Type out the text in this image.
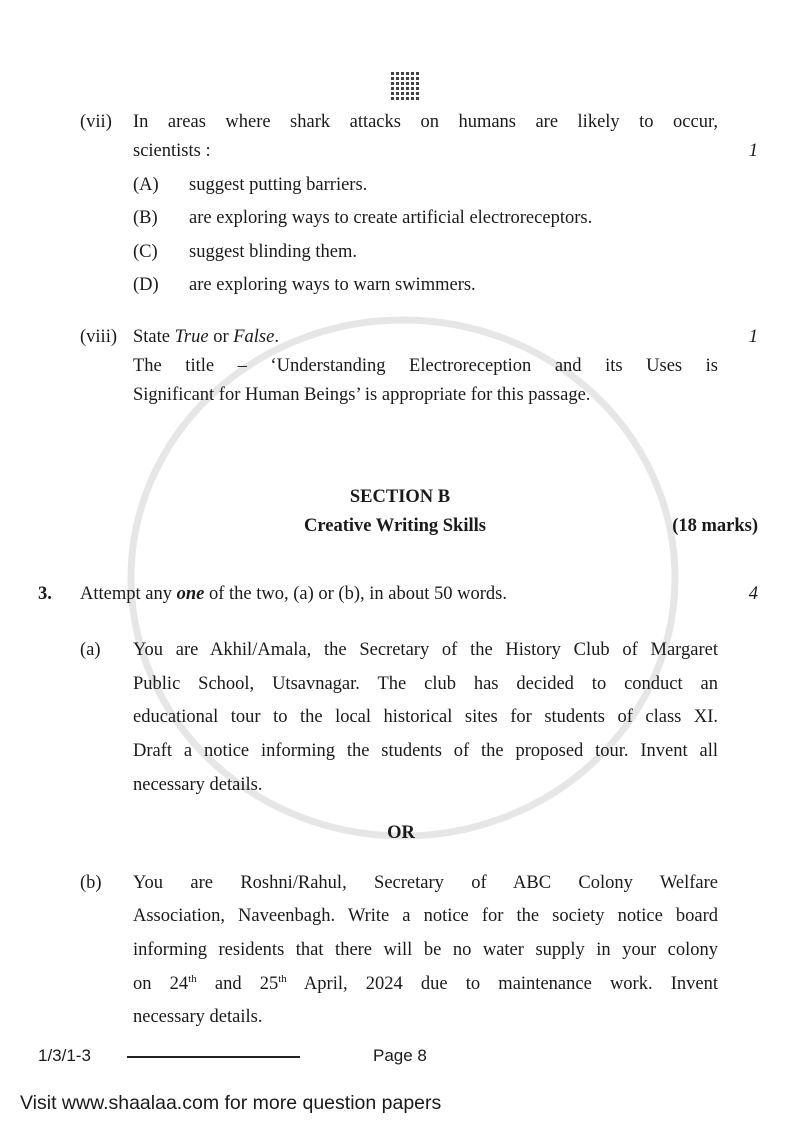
(vii) In areas where shark attacks on humans are likely to occur,
scientists :	1
(A) suggest putting barriers.
(B) are exploring ways to create artificial electroreceptors.
(C) suggest blinding them.
(D) are exploring ways to warn swimmers.
(viii) State True or False.	1
The title – ‘Understanding Electroreception and its Uses is
Significant for Human Beings’ is appropriate for this passage.
SECTION B
Creative Writing Skills	(18 marks)
3. Attempt any one of the two, (a) or (b), in about 50 words.	4
(a) You are Akhil/Amala, the Secretary of the History Club of Margaret
Public School, Utsavnagar. The club has decided to conduct an
educational tour to the local historical sites for students of class XI.
Draft a notice informing the students of the proposed tour. Invent all
necessary details.
OR
(b) You are Roshni/Rahul, Secretary of ABC Colony Welfare
Association, Naveenbagh. Write a notice for the society notice board
informing residents that there will be no water supply in your colony
on 24th and 25th April, 2024 due to maintenance work. Invent
necessary details.
1/3/1-3	Page 8
Visit www.shaalaa.com for more question papers
